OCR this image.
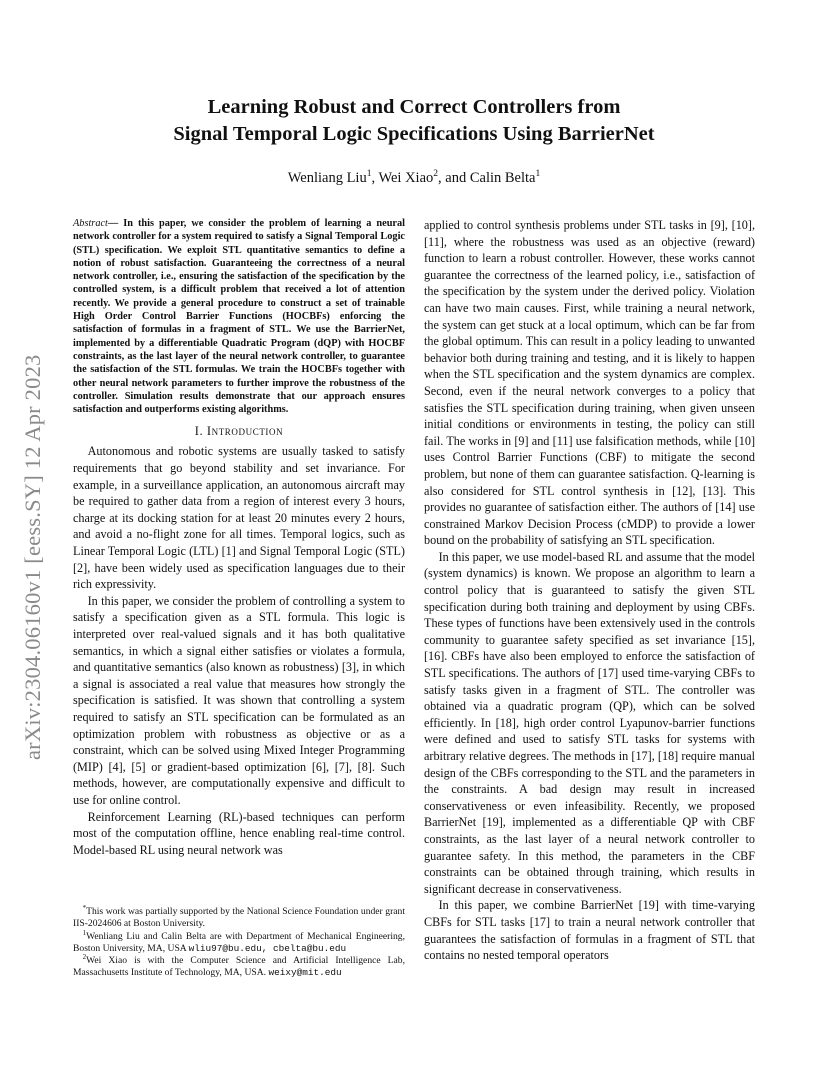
arXiv:2304.06160v1 [eess.SY] 12 Apr 2023
Learning Robust and Correct Controllers from
Signal Temporal Logic Specifications Using BarrierNet
Wenliang Liu$^1$, Wei Xiao$^2$, and Calin Belta$^1$

Abstract— In this paper, we consider the problem of learning a neural network controller for a system required to satisfy a Signal Temporal Logic (STL) specification. We exploit STL quantitative semantics to define a notion of robust satisfaction. Guaranteeing the correctness of a neural network controller, i.e., ensuring the satisfaction of the specification by the controlled system, is a difficult problem that received a lot of attention recently. We provide a general procedure to construct a set of trainable High Order Control Barrier Functions (HOCBFs) enforcing the satisfaction of formulas in a fragment of STL. We use the BarrierNet, implemented by a differentiable Quadratic Program (dQP) with HOCBF constraints, as the last layer of the neural network controller, to guarantee the satisfaction of the STL formulas. We train the HOCBFs together with other neural network parameters to further improve the robustness of the controller. Simulation results demonstrate that our approach ensures satisfaction and outperforms existing algorithms.

I. Introduction

Autonomous and robotic systems are usually tasked to satisfy requirements that go beyond stability and set invariance. For example, in a surveillance application, an autonomous aircraft may be required to gather data from a region of interest every 3 hours, charge at its docking station for at least 20 minutes every 2 hours, and avoid a no-flight zone for all times. Temporal logics, such as Linear Temporal Logic (LTL) [1] and Signal Temporal Logic (STL) [2], have been widely used as specification languages due to their rich expressivity.

In this paper, we consider the problem of controlling a system to satisfy a specification given as a STL formula. This logic is interpreted over real-valued signals and it has both qualitative semantics, in which a signal either satisfies or violates a formula, and quantitative semantics (also known as robustness) [3], in which a signal is associated a real value that measures how strongly the specification is satisfied. It was shown that controlling a system required to satisfy an STL specification can be formulated as an optimization problem with robustness as objective or as a constraint, which can be solved using Mixed Integer Programming (MIP) [4], [5] or gradient-based optimization [6], [7], [8]. Such methods, however, are computationally expensive and difficult to use for online control.

Reinforcement Learning (RL)-based techniques can perform most of the computation offline, hence enabling real-time control. Model-based RL using neural network was

*This work was partially supported by the National Science Foundation under grant IIS-2024606 at Boston University.

$^1$Wenliang Liu and Calin Belta are with Department of Mechanical Engineering, Boston University, MA, USA wliu97@bu.edu, cbelta@bu.edu

$^2$Wei Xiao is with the Computer Science and Artificial Intelligence Lab, Massachusetts Institute of Technology, MA, USA. weixy@mit.edu

applied to control synthesis problems under STL tasks in [9], [10], [11], where the robustness was used as an objective (reward) function to learn a robust controller. However, these works cannot guarantee the correctness of the learned policy, i.e., satisfaction of the specification by the system under the derived policy. Violation can have two main causes. First, while training a neural network, the system can get stuck at a local optimum, which can be far from the global optimum. This can result in a policy leading to unwanted behavior both during training and testing, and it is likely to happen when the STL specification and the system dynamics are complex. Second, even if the neural network converges to a policy that satisfies the STL specification during training, when given unseen initial conditions or environments in testing, the policy can still fail. The works in [9] and [11] use falsification methods, while [10] uses Control Barrier Functions (CBF) to mitigate the second problem, but none of them can guarantee satisfaction. Q-learning is also considered for STL control synthesis in [12], [13]. This provides no guarantee of satisfaction either. The authors of [14] use constrained Markov Decision Process (cMDP) to provide a lower bound on the probability of satisfying an STL specification.

In this paper, we use model-based RL and assume that the model (system dynamics) is known. We propose an algorithm to learn a control policy that is guaranteed to satisfy the given STL specification during both training and deployment by using CBFs. These types of functions have been extensively used in the controls community to guarantee safety specified as set invariance [15], [16]. CBFs have also been employed to enforce the satisfaction of STL specifications. The authors of [17] used time-varying CBFs to satisfy tasks given in a fragment of STL. The controller was obtained via a quadratic program (QP), which can be solved efficiently. In [18], high order control Lyapunov-barrier functions were defined and used to satisfy STL tasks for systems with arbitrary relative degrees. The methods in [17], [18] require manual design of the CBFs corresponding to the STL and the parameters in the constraints. A bad design may result in increased conservativeness or even infeasibility. Recently, we proposed BarrierNet [19], implemented as a differentiable QP with CBF constraints, as the last layer of a neural network controller to guarantee safety. In this method, the parameters in the CBF constraints can be obtained through training, which results in significant decrease in conservativeness.

In this paper, we combine BarrierNet [19] with time-varying CBFs for STL tasks [17] to train a neural network controller that guarantees the satisfaction of formulas in a fragment of STL that contains no nested temporal operators
